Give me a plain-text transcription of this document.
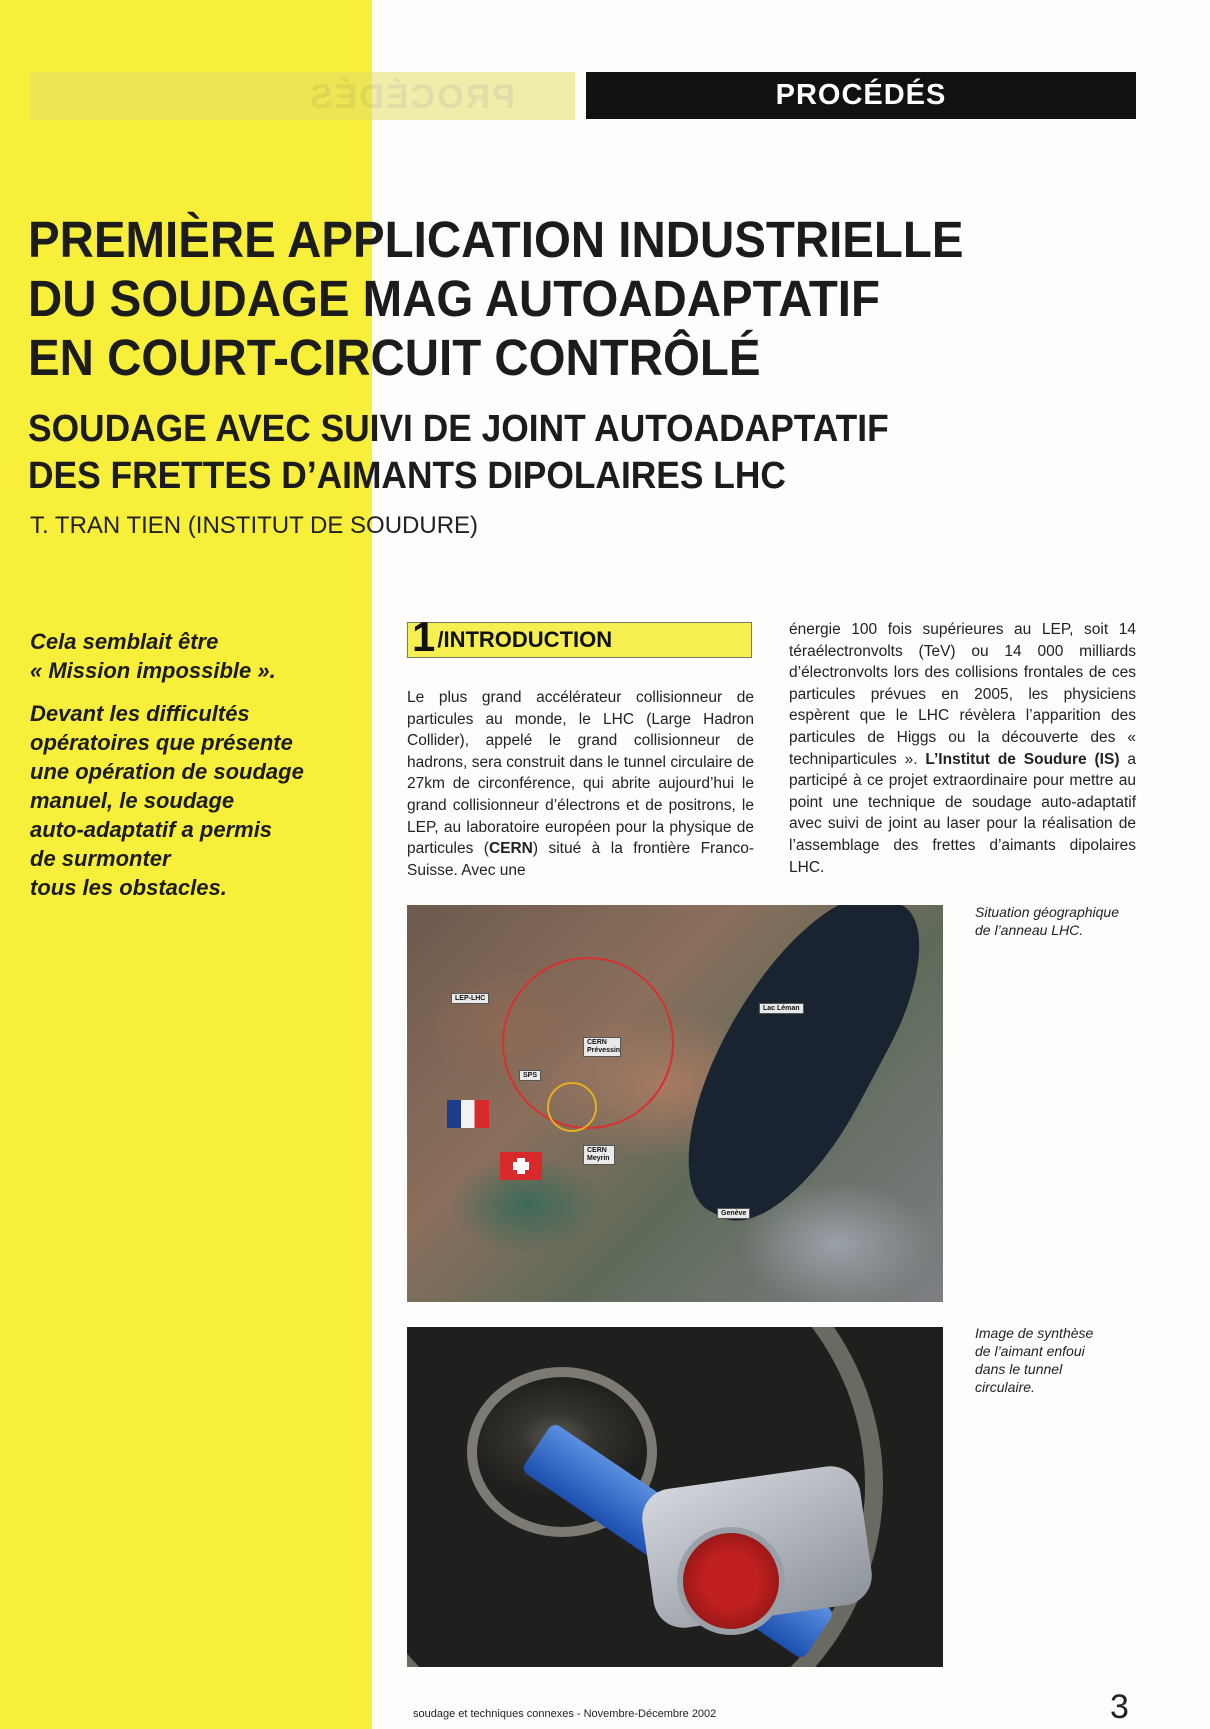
PROCÉDÉS	PROCÉDÉS
PREMIÈRE APPLICATION INDUSTRIELLE
DU SOUDAGE MAG AUTOADAPTATIF
EN COURT-CIRCUIT CONTRÔLÉ
SOUDAGE AVEC SUIVI DE JOINT AUTOADAPTATIF
DES FRETTES D’AIMANTS DIPOLAIRES LHC
T. TRAN TIEN (INSTITUT DE SOUDURE)
Cela semblait être
« Mission impossible ».
Devant les difficultés
opératoires que présente
une opération de soudage
manuel, le soudage
auto-adaptatif a permis
de surmonter
tous les obstacles.
1 /INTRODUCTION

Le plus grand accélérateur collisionneur de particules au monde, le LHC (Large Hadron Collider), appelé le grand collisionneur de hadrons, sera construit dans le tunnel circulaire de 27km de circonférence, qui abrite aujourd’hui le grand collisionneur d’électrons et de positrons, le LEP, au laboratoire européen pour la physique de particules (CERN) situé à la frontière Franco-Suisse. Avec une

énergie 100 fois supérieures au LEP, soit 14 téraélectronvolts (TeV) ou 14 000 milliards d’électronvolts lors des collisions frontales de ces particules prévues en 2005, les physiciens espèrent que le LHC révèlera l’apparition des particules de Higgs ou la découverte des « techniparticules ». L’Institut de Soudure (IS) a participé à ce projet extraordinaire pour mettre au point une technique de soudage auto-adaptatif avec suivi de joint au laser pour la réalisation de l’assemblage des frettes d’aimants dipolaires LHC.

LEP-LHC
Lac Léman
CERN Prévessin
SPS
CERN Meyrin
Genève

Situation géographique
de l’anneau LHC.

Image de synthèse
de l’aimant enfoui
dans le tunnel
circulaire.

soudage et techniques connexes - Novembre-Décembre 2002	3
